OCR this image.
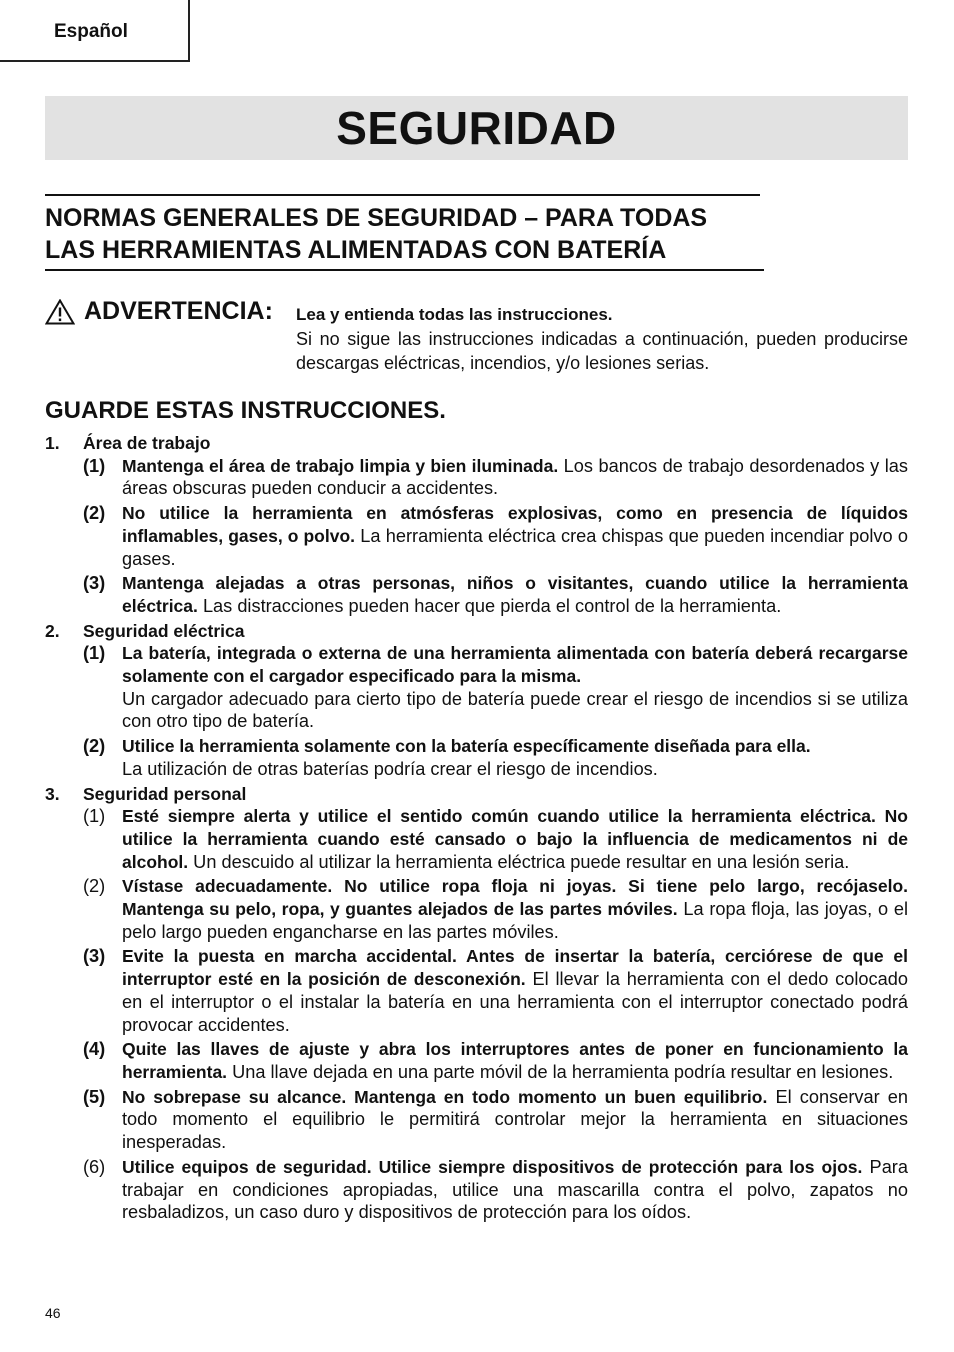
Español
SEGURIDAD
NORMAS GENERALES DE SEGURIDAD – PARA TODAS
LAS HERRAMIENTAS ALIMENTADAS CON BATERÍA
ADVERTENCIA: Lea y entienda todas las instrucciones.

Si no sigue las instrucciones indicadas a continuación, pueden producirse descargas eléctricas, incendios, y/o lesiones serias.

GUARDE ESTAS INSTRUCCIONES.
1. Área de trabajo
(1) Mantenga el área de trabajo limpia y bien iluminada. Los bancos de trabajo desordenados y las áreas obscuras pueden conducir a accidentes.

(2) No utilice la herramienta en atmósferas explosivas, como en presencia de líquidos inflamables, gases, o polvo. La herramienta eléctrica crea chispas que pueden incendiar polvo o gases.

(3) Mantenga alejadas a otras personas, niños o visitantes, cuando utilice la herramienta eléctrica. Las distracciones pueden hacer que pierda el control de la herramienta.

2. Seguridad eléctrica
(1) La batería, integrada o externa de una herramienta alimentada con batería deberá recargarse solamente con el cargador especificado para la misma.
Un cargador adecuado para cierto tipo de batería puede crear el riesgo de incendios si se utiliza con otro tipo de batería.

(2) Utilice la herramienta solamente con la batería específicamente diseñada para ella.
La utilización de otras baterías podría crear el riesgo de incendios.

3. Seguridad personal
(1) Esté siempre alerta y utilice el sentido común cuando utilice la herramienta eléctrica. No utilice la herramienta cuando esté cansado o bajo la influencia de medicamentos ni de alcohol. Un descuido al utilizar la herramienta eléctrica puede resultar en una lesión seria.

(2) Vístase adecuadamente. No utilice ropa floja ni joyas. Si tiene pelo largo, recójaselo. Mantenga su pelo, ropa, y guantes alejados de las partes móviles. La ropa floja, las joyas, o el pelo largo pueden engancharse en las partes móviles.

(3) Evite la puesta en marcha accidental. Antes de insertar la batería, cerciórese de que el interruptor esté en la posición de desconexión. El llevar la herramienta con el dedo colocado en el interruptor o el instalar la batería en una herramienta con el interruptor conectado podrá provocar accidentes.

(4) Quite las llaves de ajuste y abra los interruptores antes de poner en funcionamiento la herramienta. Una llave dejada en una parte móvil de la herramienta podría resultar en lesiones.

(5) No sobrepase su alcance. Mantenga en todo momento un buen equilibrio. El conservar en todo momento el equilibrio le permitirá controlar mejor la herramienta en situaciones inesperadas.

(6) Utilice equipos de seguridad. Utilice siempre dispositivos de protección para los ojos. Para trabajar en condiciones apropiadas, utilice una mascarilla contra el polvo, zapatos no resbaladizos, un caso duro y dispositivos de protección para los oídos.

46
